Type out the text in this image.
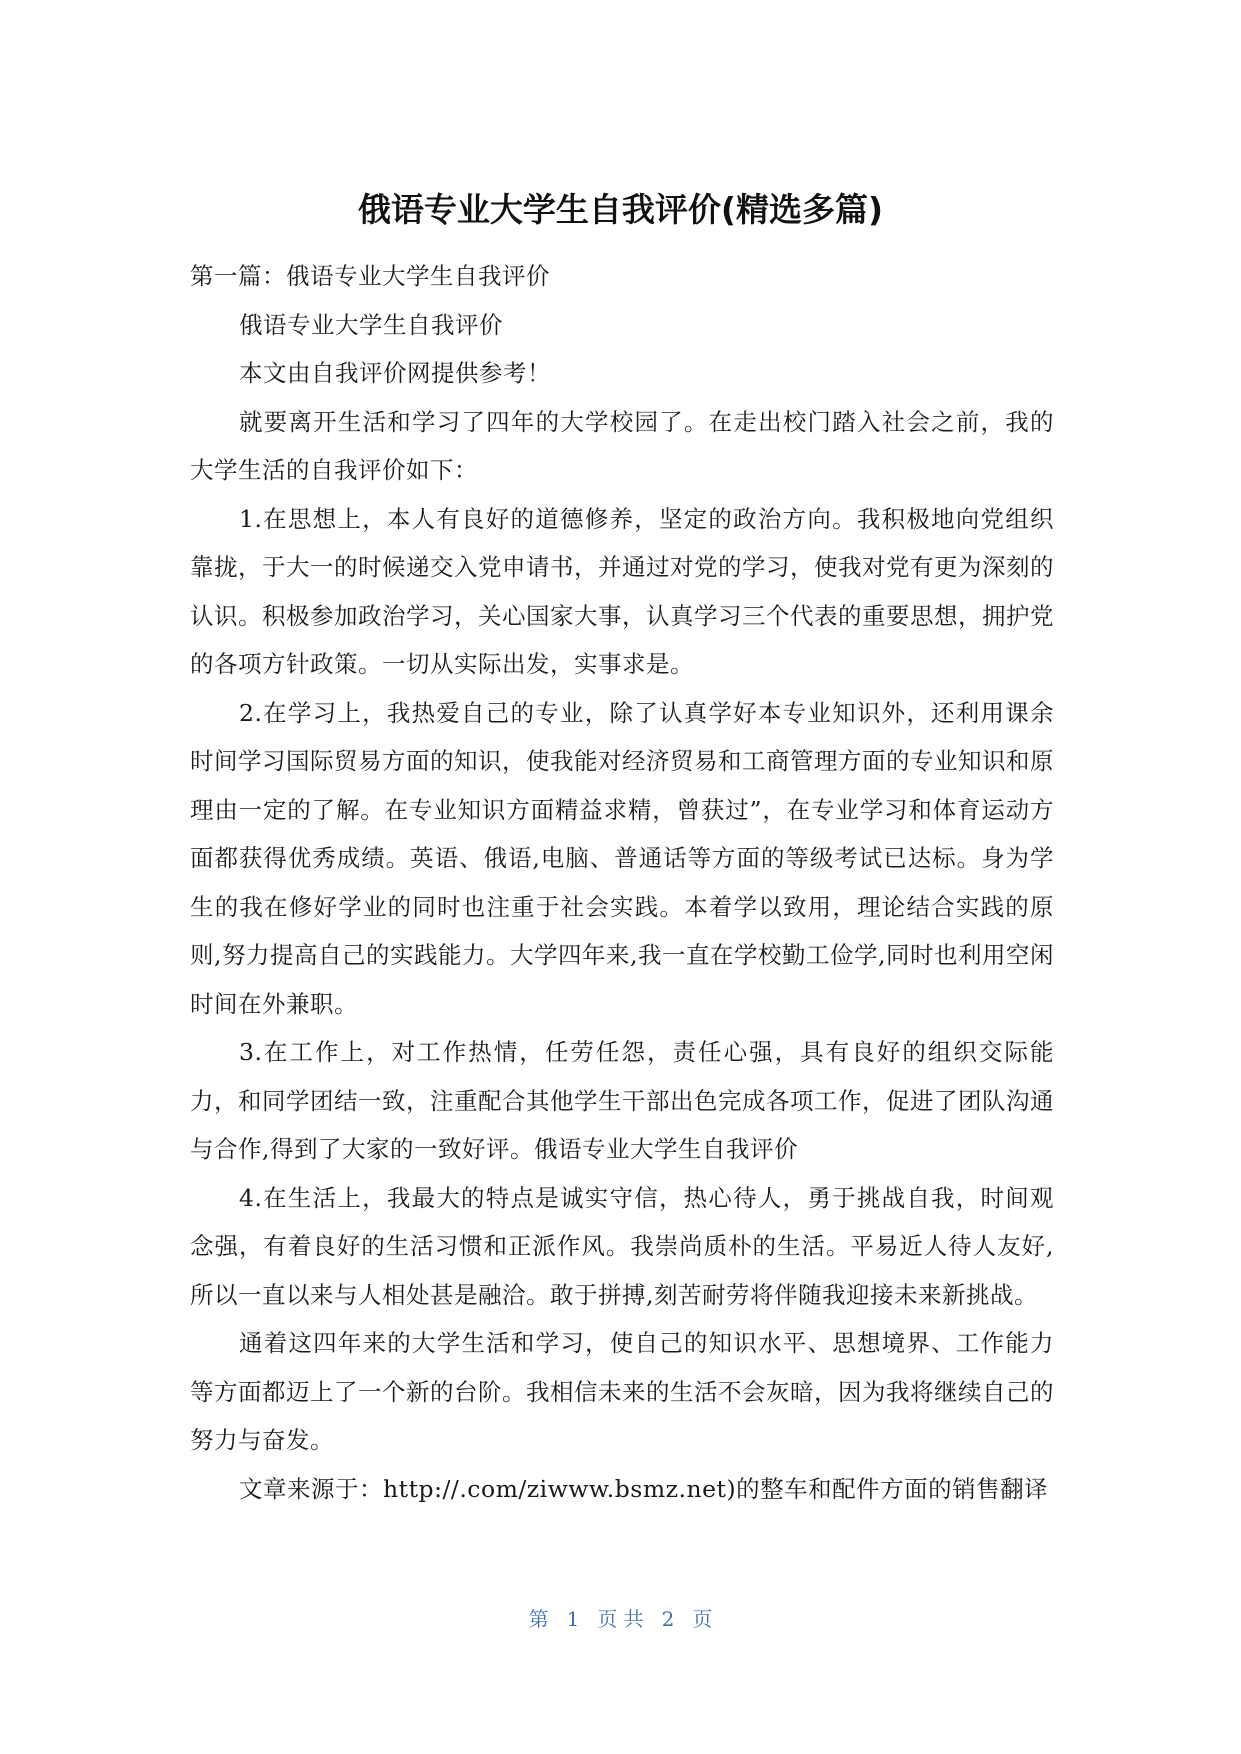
俄语专业大学生自我评价(精选多篇)

第一篇：俄语专业大学生自我评价

俄语专业大学生自我评价

本文由自我评价网提供参考！

就要离开生活和学习了四年的大学校园了。在走出校门踏入社会之前，我的大学生活的自我评价如下：

1.在思想上，本人有良好的道德修养，坚定的政治方向。我积极地向党组织靠拢，于大一的时候递交入党申请书，并通过对党的学习，使我对党有更为深刻的认识。积极参加政治学习，关心国家大事，认真学习三个代表的重要思想，拥护党的各项方针政策。一切从实际出发，实事求是。

2.在学习上，我热爱自己的专业，除了认真学好本专业知识外，还利用课余时间学习国际贸易方面的知识，使我能对经济贸易和工商管理方面的专业知识和原理由一定的了解。在专业知识方面精益求精，曾获过”，在专业学习和体育运动方面都获得优秀成绩。英语、俄语,电脑、普通话等方面的等级考试已达标。身为学生的我在修好学业的同时也注重于社会实践。本着学以致用，理论结合实践的原则,努力提高自己的实践能力。大学四年来,我一直在学校勤工俭学,同时也利用空闲时间在外兼职。

3.在工作上，对工作热情，任劳任怨，责任心强，具有良好的组织交际能力，和同学团结一致，注重配合其他学生干部出色完成各项工作，促进了团队沟通与合作,得到了大家的一致好评。俄语专业大学生自我评价

4.在生活上，我最大的特点是诚实守信，热心待人，勇于挑战自我，时间观念强，有着良好的生活习惯和正派作风。我崇尚质朴的生活。平易近人待人友好,所以一直以来与人相处甚是融洽。敢于拼搏,刻苦耐劳将伴随我迎接未来新挑战。

通着这四年来的大学生活和学习，使自己的知识水平、思想境界、工作能力等方面都迈上了一个新的台阶。我相信未来的生活不会灰暗，因为我将继续自己的努力与奋发。

文章来源于：http://.com/ziwww.bsmz.net)的整车和配件方面的销售翻译

第 1 页 共 2 页
